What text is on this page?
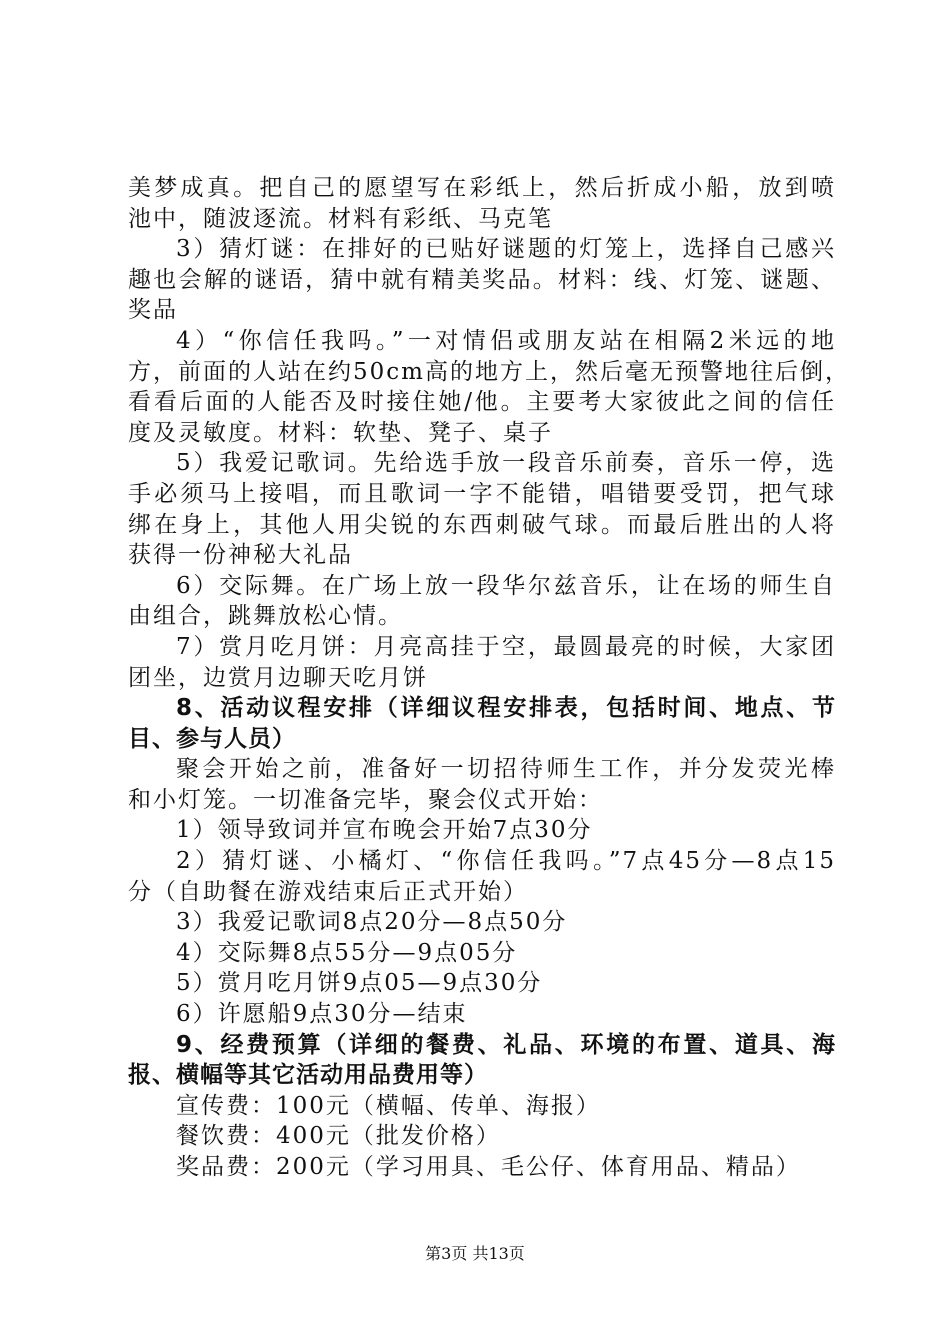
美梦成真。把自己的愿望写在彩纸上，然后折成小船，放到喷
池中，随波逐流。材料有彩纸、马克笔
3）猜灯谜：在排好的已贴好谜题的灯笼上，选择自己感兴
趣也会解的谜语，猜中就有精美奖品。材料：线、灯笼、谜题、
奖品
4）“你信任我吗。”一对情侣或朋友站在相隔2米远的地
方，前面的人站在约50cm高的地方上，然后毫无预警地往后倒，
看看后面的人能否及时接住她/他。主要考大家彼此之间的信任
度及灵敏度。材料：软垫、凳子、桌子
5）我爱记歌词。先给选手放一段音乐前奏，音乐一停，选
手必须马上接唱，而且歌词一字不能错，唱错要受罚，把气球
绑在身上，其他人用尖锐的东西刺破气球。而最后胜出的人将
获得一份神秘大礼品
6）交际舞。在广场上放一段华尔兹音乐，让在场的师生自
由组合，跳舞放松心情。
7）赏月吃月饼：月亮高挂于空，最圆最亮的时候，大家团
团坐，边赏月边聊天吃月饼
8、活动议程安排（详细议程安排表，包括时间、地点、节
目、参与人员）
聚会开始之前，准备好一切招待师生工作，并分发荧光棒
和小灯笼。一切准备完毕，聚会仪式开始：
1）领导致词并宣布晚会开始7点30分
2）猜灯谜、小橘灯、“你信任我吗。”7点45分—8点15
分（自助餐在游戏结束后正式开始）
3）我爱记歌词8点20分—8点50分
4）交际舞8点55分—9点05分
5）赏月吃月饼9点05—9点30分
6）许愿船9点30分—结束
9、经费预算（详细的餐费、礼品、环境的布置、道具、海
报、横幅等其它活动用品费用等）
宣传费：100元（横幅、传单、海报）
餐饮费：400元（批发价格）
奖品费：200元（学习用具、毛公仔、体育用品、精品）
第3页 共13页
